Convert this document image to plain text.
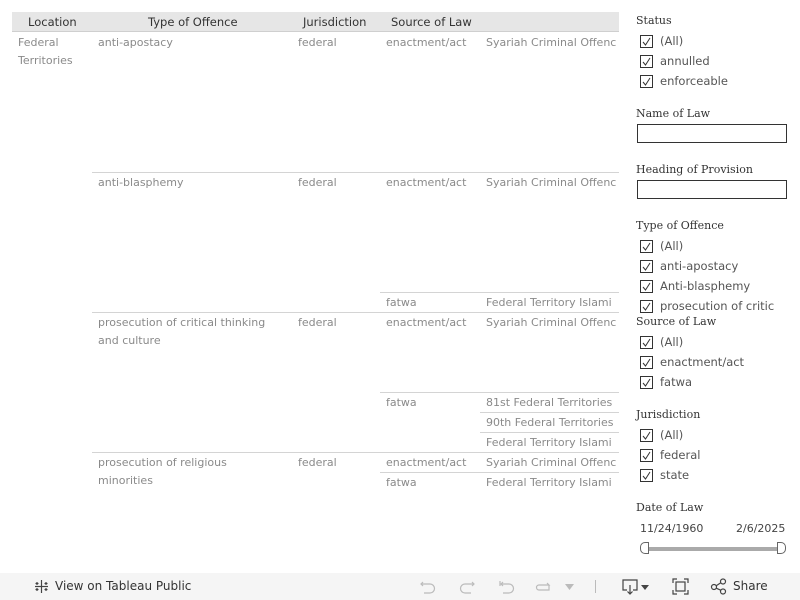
Location	Type of Offence	Jurisdiction Source of Law
Federal Territories
anti-apostacy	federal	enactment/act Syariah Criminal Offenc
anti-blasphemy	federal	enactment/act Syariah Criminal Offenc
fatwa	Federal Territory Islami
prosecution of critical thinking and culture
federal	enactment/act Syariah Criminal Offenc
fatwa	81st Federal Territories
90th Federal Territories
Federal Territory Islami
prosecution of religious minorities
federal	enactment/act Syariah Criminal Offenc
fatwa	Federal Territory Islami
Status
(All)
annulled
enforceable
Name of Law
Heading of Provision
Type of Offence
(All)
anti-apostacy
Anti-blasphemy
prosecution of critic
Source of Law
(All)
enactment/act
fatwa
Jurisdiction
(All)
federal
state
Date of Law
11/24/1960	2/6/2025
View on Tableau Public	Share
